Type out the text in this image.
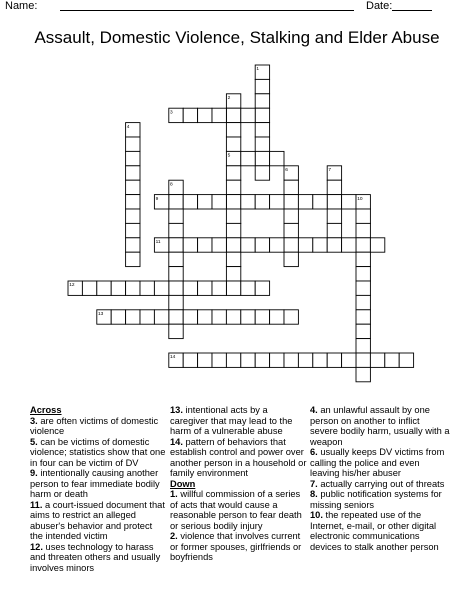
Name:	Date:
Assault, Domestic Violence, Stalking and Elder Abuse
1
2
3
4
5
6	7
8
9	10
11
12
13
14

Across

3. are often victims of domestic violence

5. can be victims of domestic violence; statistics show that one in four can be victim of DV

9. intentionally causing another person to fear immediate bodily harm or death

11. a court-issued document that aims to restrict an alleged abuser's behavior and protect the intended victim

12. uses technology to harass and threaten others and usually involves minors

13. intentional acts by a caregiver that may lead to the harm of a vulnerable abuse

14. pattern of behaviors that establish control and power over another person in a household or family environment

Down

1. willful commission of a series of acts that would cause a reasonable person to fear death or serious bodily injury

2. violence that involves current or former spouses, girlfriends or boyfriends

4. an unlawful assault by one person on another to inflict severe bodily harm, usually with a weapon

6. usually keeps DV victims from calling the police and even leaving his/her abuser

7. actually carrying out of threats

8. public notification systems for missing seniors

10. the repeated use of the Internet, e-mail, or other digital electronic communications devices to stalk another person
